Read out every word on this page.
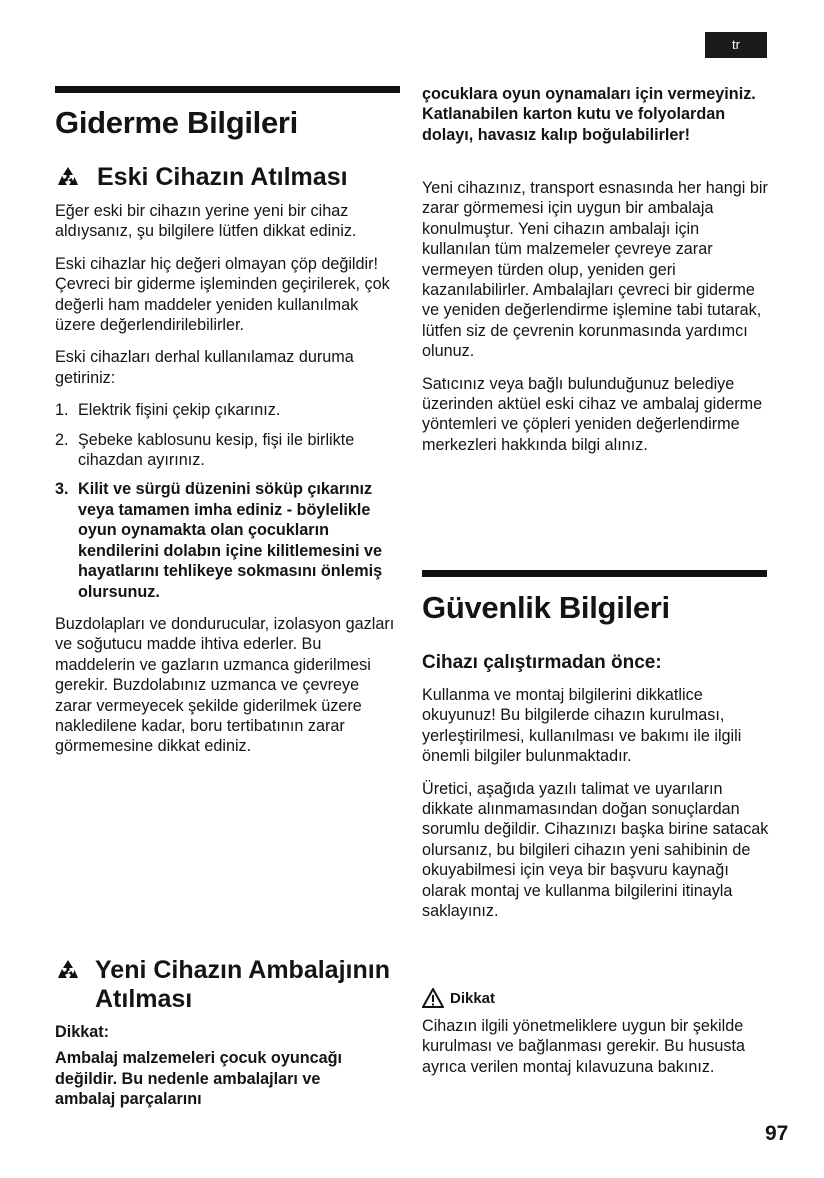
tr
Giderme Bilgileri
Eski Cihazın Atılması

Eğer eski bir cihazın yerine yeni bir cihaz aldıysanız, şu bilgilere lütfen dikkat ediniz.

Eski cihazlar hiç değeri olmayan çöp değildir! Çevreci bir giderme işleminden geçirilerek, çok değerli ham maddeler yeniden kullanılmak üzere değerlendirilebilirler.

Eski cihazları derhal kullanılamaz duruma getiriniz:

1. Elektrik fişini çekip çıkarınız.
2. Şebeke kablosunu kesip, fişi ile birlikte cihazdan ayırınız.
3. Kilit ve sürgü düzenini söküp çıkarınız veya tamamen imha ediniz - böylelikle oyun oynamakta olan çocukların kendilerini dolabın içine kilitlemesini ve hayatlarını tehlikeye sokmasını önlemiş olursunuz.

Buzdolapları ve dondurucular, izolasyon gazları ve soğutucu madde ihtiva ederler. Bu maddelerin ve gazların uzmanca giderilmesi gerekir. Buzdolabınız uzmanca ve çevreye zarar vermeyecek şekilde giderilmek üzere nakledilene kadar, boru tertibatının zarar görmemesine dikkat ediniz.

Yeni Cihazın Ambalajının Atılması

Dikkat:

Ambalaj malzemeleri çocuk oyuncağı değildir. Bu nedenle ambalajları ve ambalaj parçalarını

çocuklara oyun oynamaları için vermeyiniz. Katlanabilen karton kutu ve folyolardan dolayı, havasız kalıp boğulabilirler!

Yeni cihazınız, transport esnasında her hangi bir zarar görmemesi için uygun bir ambalaja konulmuştur. Yeni cihazın ambalajı için kullanılan tüm malzemeler çevreye zarar vermeyen türden olup, yeniden geri kazanılabilirler. Ambalajları çevreci bir giderme ve yeniden değerlendirme işlemine tabi tutarak, lütfen siz de çevrenin korunmasında yardımcı olunuz.

Satıcınız veya bağlı bulunduğunuz belediye üzerinden aktüel eski cihaz ve ambalaj giderme yöntemleri ve çöpleri yeniden değerlendirme merkezleri hakkında bilgi alınız.

Güvenlik Bilgileri
Cihazı çalıştırmadan önce:

Kullanma ve montaj bilgilerini dikkatlice okuyunuz! Bu bilgilerde cihazın kurulması, yerleştirilmesi, kullanılması ve bakımı ile ilgili önemli bilgiler bulunmaktadır.

Üretici, aşağıda yazılı talimat ve uyarıların dikkate alınmamasından doğan sonuçlardan sorumlu değildir. Cihazınızı başka birine satacak olursanız, bu bilgileri cihazın yeni sahibinin de okuyabilmesi için veya bir başvuru kaynağı olarak montaj ve kullanma bilgilerini itinayla saklayınız.

Dikkat

Cihazın ilgili yönetmeliklere uygun bir şekilde kurulması ve bağlanması gerekir. Bu hususta ayrıca verilen montaj kılavuzuna bakınız.

97
